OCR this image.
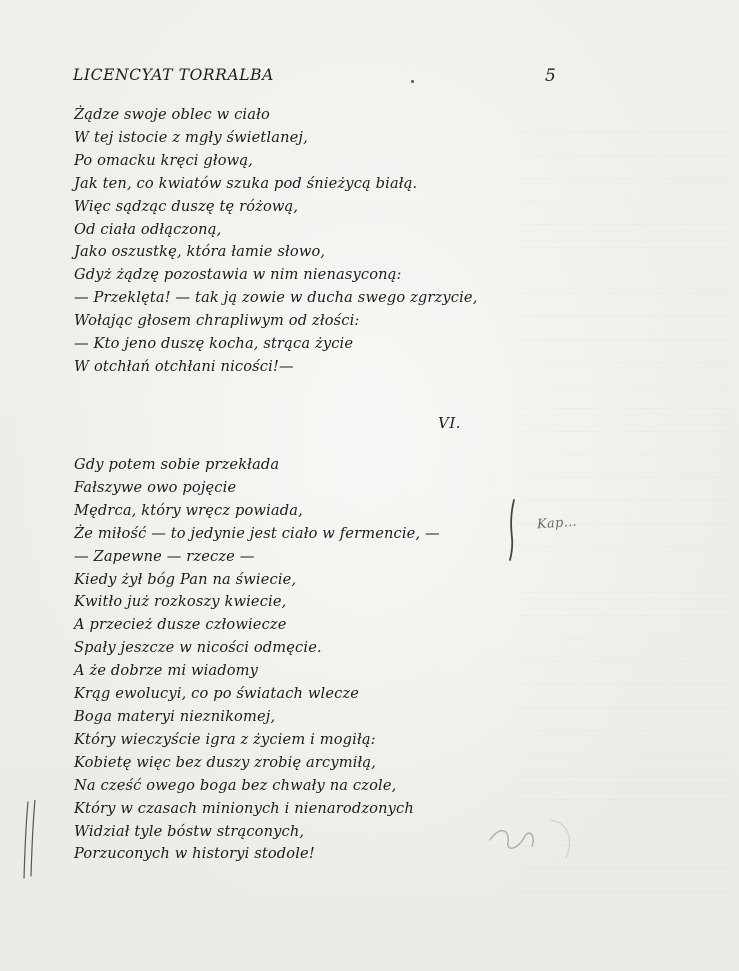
LICENCYAT TORRALBA	5
Żądze swoje oblec w ciało
W tej istocie z mgły świetlanej,
Po omacku kręci głową,
Jak ten, co kwiatów szuka pod śnieżycą białą.
Więc sądząc duszę tę różową,
Od ciała odłączoną,
Jako oszustkę, która łamie słowo,
Gdyż żądzę pozostawia w nim nienasyconą:
— Przeklęta! — tak ją zowie w ducha swego zgrzycie,
Wołając głosem chrapliwym od złości:
— Kto jeno duszę kocha, strąca życie
W otchłań otchłani nicości!—
VI.
Gdy potem sobie przekłada
Fałszywe owo pojęcie
Mędrca, który wręcz powiada,
Że miłość — to jedynie jest ciało w fermencie, —
— Zapewne — rzecze —
Kiedy żył bóg Pan na świecie,
Kwitło już rozkoszy kwiecie,
A przecież dusze człowiecze
Spały jeszcze w nicości odmęcie.
A że dobrze mi wiadomy
Krąg ewolucyi, co po światach wlecze
Boga materyi nieznikomej,
Który wieczyście igra z życiem i mogiłą:
Kobietę więc bez duszy zrobię arcymiłą,
Na cześć owego boga bez chwały na czole,
Który w czasach minionych i nienarodzonych
Widział tyle bóstw strąconych,
Porzuconych w historyi stodole!
Kap…
